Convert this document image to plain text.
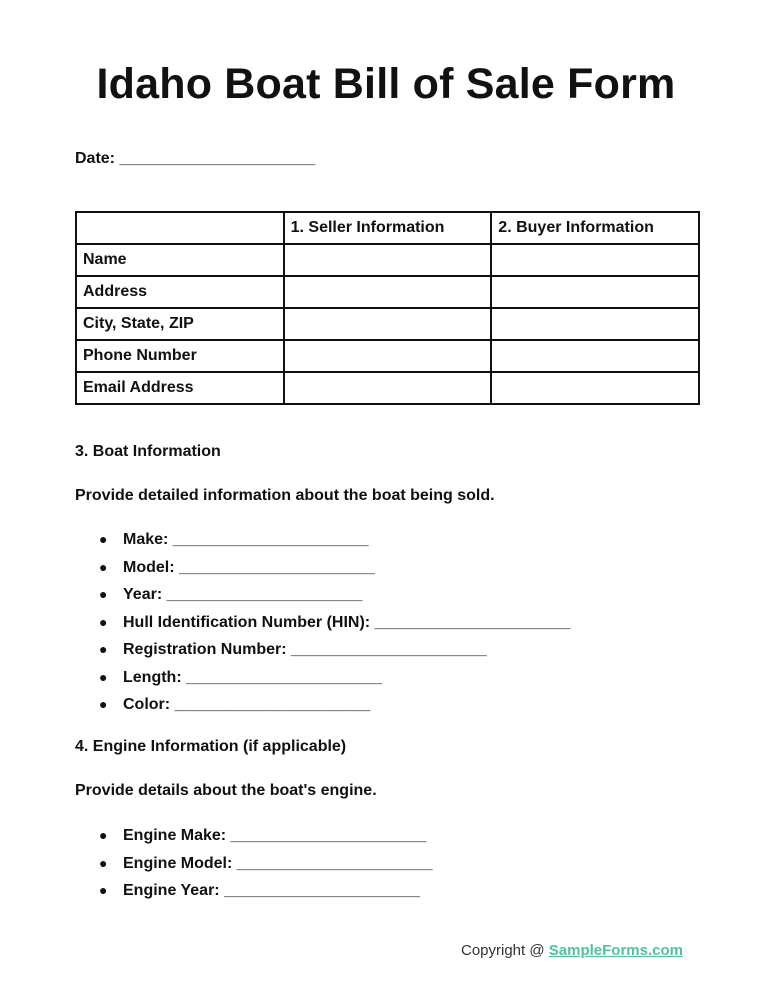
Idaho Boat Bill of Sale Form
Date: ______________________
	1. Seller Information	2. Buyer Information
Name		
Address		
City, State, ZIP		
Phone Number		
Email Address		
3. Boat Information
Provide detailed information about the boat being sold.
● Make: ______________________
● Model: ______________________
● Year: ______________________
● Hull Identification Number (HIN): ______________________
● Registration Number: ______________________
● Length: ______________________
● Color: ______________________
4. Engine Information (if applicable)
Provide details about the boat's engine.
● Engine Make: ______________________
● Engine Model: ______________________
● Engine Year: ______________________
Copyright @ SampleForms.com
